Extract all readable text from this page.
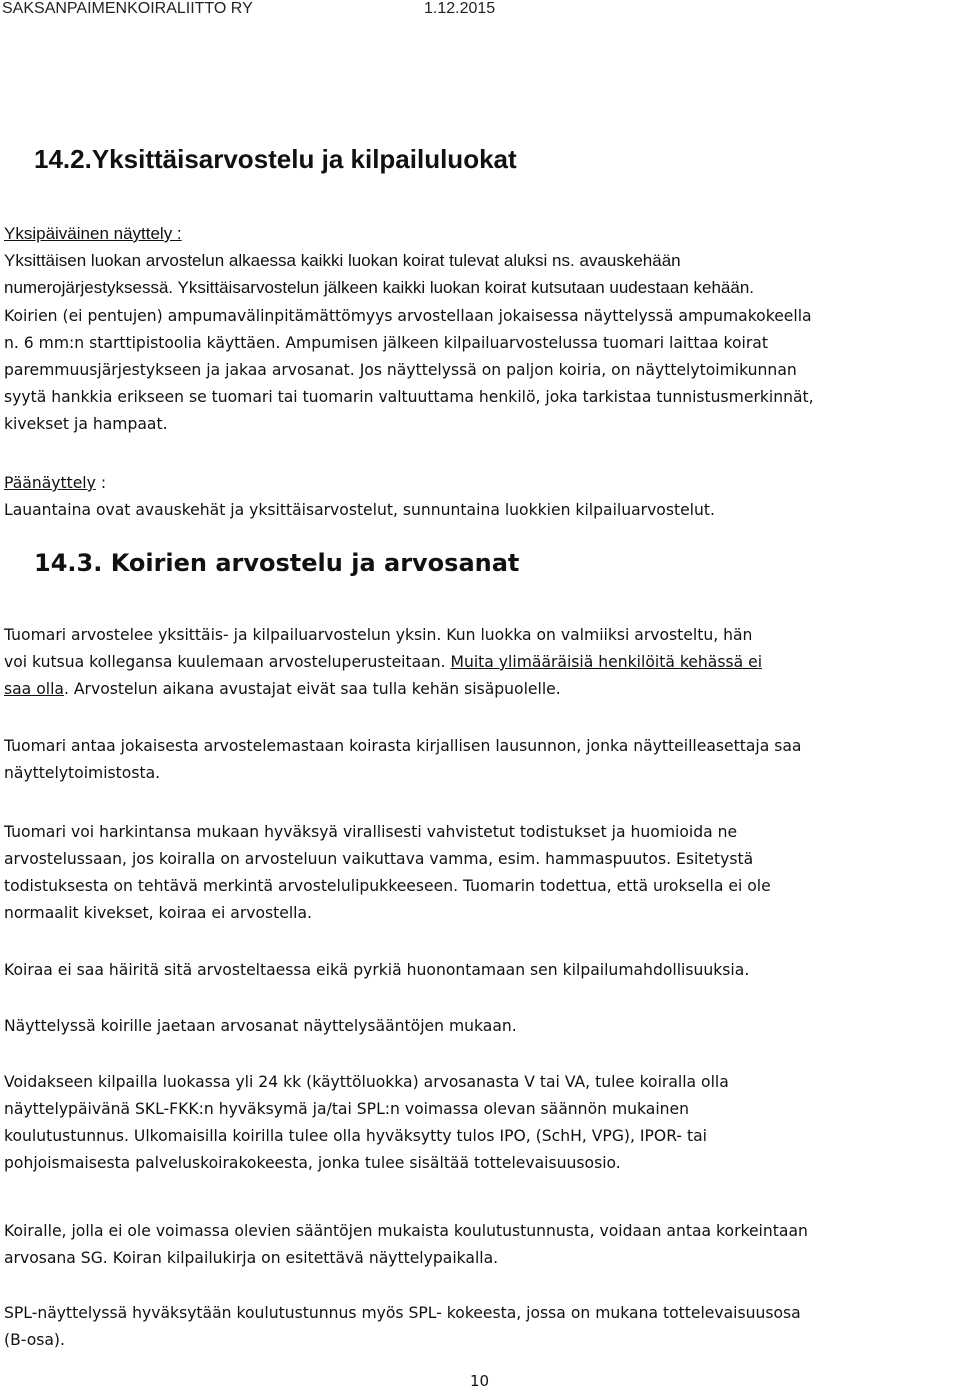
SAKSANPAIMENKOIRALIITTO RY	1.12.2015
14.2.Yksittäisarvostelu ja kilpailuluokat
Yksipäiväinen näyttely :
Yksittäisen luokan arvostelun alkaessa kaikki luokan koirat tulevat aluksi ns. avauskehään
numerojärjestyksessä. Yksittäisarvostelun jälkeen kaikki luokan koirat kutsutaan uudestaan kehään.
Koirien (ei pentujen) ampumavälinpitämättömyys arvostellaan jokaisessa näyttelyssä ampumakokeella
n. 6 mm:n starttipistoolia käyttäen. Ampumisen jälkeen kilpailuarvostelussa tuomari laittaa koirat
paremmuusjärjestykseen ja jakaa arvosanat. Jos näyttelyssä on paljon koiria, on näyttelytoimikunnan
syytä hankkia erikseen se tuomari tai tuomarin valtuuttama henkilö, joka tarkistaa tunnistusmerkinnät,
kivekset ja hampaat.
Päänäyttely :
Lauantaina ovat avauskehät ja yksittäisarvostelut, sunnuntaina luokkien kilpailuarvostelut.
14.3. Koirien arvostelu ja arvosanat
Tuomari arvostelee yksittäis- ja kilpailuarvostelun yksin. Kun luokka on valmiiksi arvosteltu, hän
voi kutsua kollegansa kuulemaan arvosteluperusteitaan. Muita ylimääräisiä henkilöitä kehässä ei
saa olla. Arvostelun aikana avustajat eivät saa tulla kehän sisäpuolelle.
Tuomari antaa jokaisesta arvostelemastaan koirasta kirjallisen lausunnon, jonka näytteilleasettaja saa
näyttelytoimistosta.
Tuomari voi harkintansa mukaan hyväksyä virallisesti vahvistetut todistukset ja huomioida ne
arvostelussaan, jos koiralla on arvosteluun vaikuttava vamma, esim. hammaspuutos. Esitetystä
todistuksesta on tehtävä merkintä arvostelulipukkeeseen. Tuomarin todettua, että uroksella ei ole
normaalit kivekset, koiraa ei arvostella.
Koiraa ei saa häiritä sitä arvosteltaessa eikä pyrkiä huonontamaan sen kilpailumahdollisuuksia.
Näyttelyssä koirille jaetaan arvosanat näyttelysääntöjen mukaan.
Voidakseen kilpailla luokassa yli 24 kk (käyttöluokka) arvosanasta V tai VA, tulee koiralla olla
näyttelypäivänä SKL-FKK:n hyväksymä ja/tai SPL:n voimassa olevan säännön mukainen
koulutustunnus. Ulkomaisilla koirilla tulee olla hyväksytty tulos IPO, (SchH, VPG), IPOR- tai
pohjoismaisesta palveluskoirakokeesta, jonka tulee sisältää tottelevaisuusosio.
Koiralle, jolla ei ole voimassa olevien sääntöjen mukaista koulutustunnusta, voidaan antaa korkeintaan
arvosana SG. Koiran kilpailukirja on esitettävä näyttelypaikalla.
SPL-näyttelyssä hyväksytään koulutustunnus myös SPL- kokeesta, jossa on mukana tottelevaisuusosa
(B-osa).
10
